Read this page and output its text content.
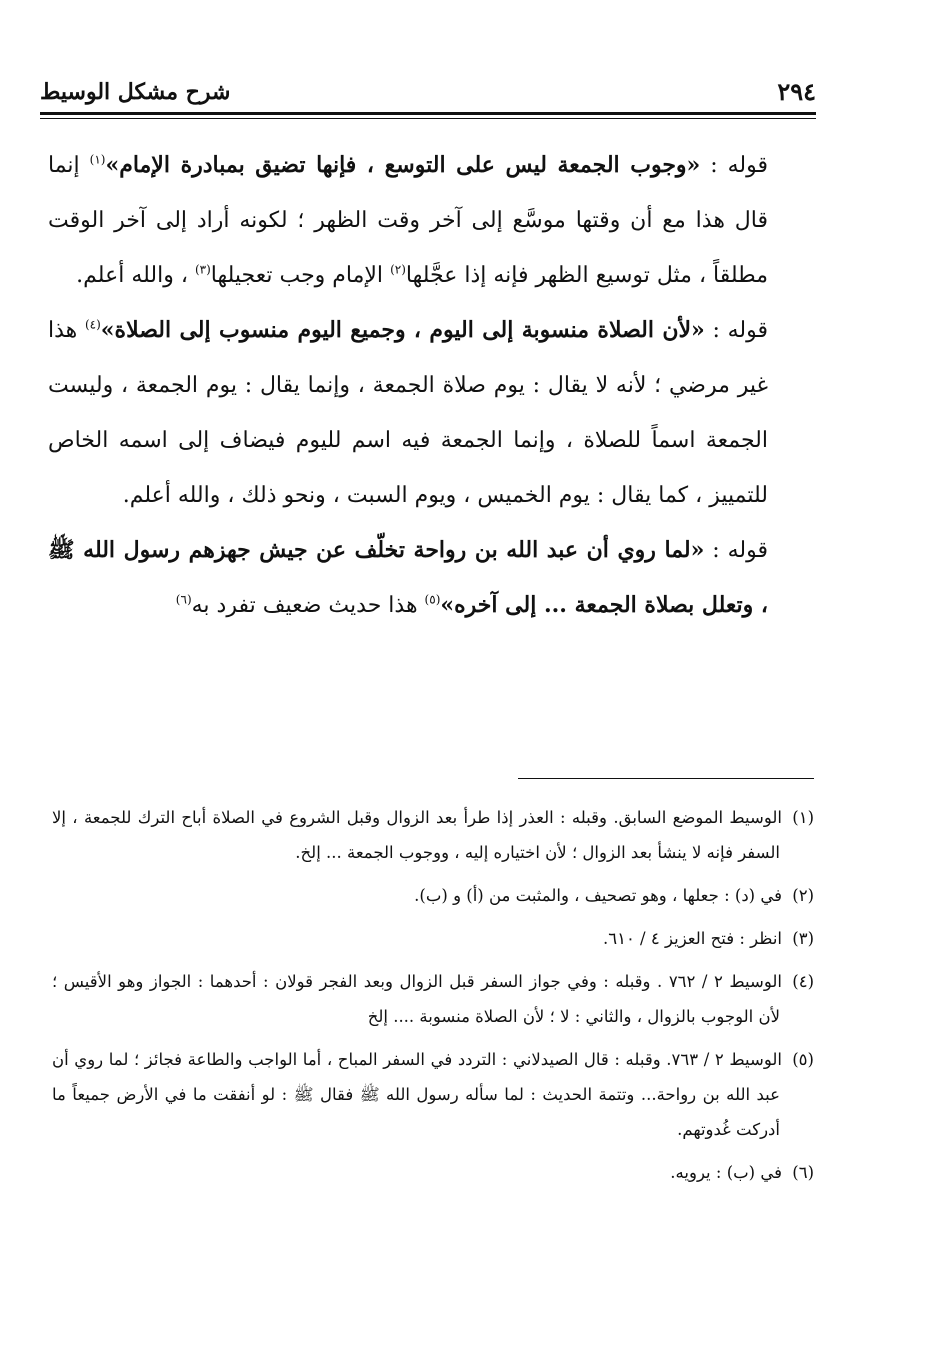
٢٩٤
شرح مشكل الوسيط

قوله : «وجوب الجمعة ليس على التوسع ، فإنها تضيق بمبادرة الإمام»$^{(١)}$ إنما قال هذا مع أن وقتها موسَّع إلى آخر وقت الظهر ؛ لكونه أراد إلى آخر الوقت مطلقاً ، مثل توسيع الظهر فإنه إذا عجَّلها$^{(٢)}$ الإمام وجب تعجيلها$^{(٣)}$ ، والله أعلم.

قوله : «لأن الصلاة منسوبة إلى اليوم ، وجميع اليوم منسوب إلى الصلاة»$^{(٤)}$ هذا غير مرضي ؛ لأنه لا يقال : يوم صلاة الجمعة ، وإنما يقال : يوم الجمعة ، وليست الجمعة اسماً للصلاة ، وإنما الجمعة فيه اسم لليوم فيضاف إلى اسمه الخاص للتمييز ، كما يقال : يوم الخميس ، ويوم السبت ، ونحو ذلك ، والله أعلم.

قوله : «لما روي أن عبد الله بن رواحة تخلّف عن جيش جهزهم رسول الله ﷺ ، وتعلل بصلاة الجمعة ... إلى آخره»$^{(٥)}$ هذا حديث ضعيف تفرد به$^{(٦)}$

(١)الوسيط الموضع السابق. وقبله : العذر إذا طرأ بعد الزوال وقبل الشروع في الصلاة أباح الترك للجمعة ، إلا السفر فإنه لا ينشأ بعد الزوال ؛ لأن اختياره إليه ، ووجوب الجمعة ... إلخ.

(٢)في (د) : جعلها ، وهو تصحيف ، والمثبت من (أ) و (ب).

(٣)انظر : فتح العزيز ٤ / ٦١٠.

(٤)الوسيط ٢ / ٧٦٢ . وقبله : وفي جواز السفر قبل الزوال وبعد الفجر قولان : أحدهما : الجواز وهو الأقيس ؛ لأن الوجوب بالزوال ، والثاني : لا ؛ لأن الصلاة منسوبة .... إلخ

(٥)الوسيط ٢ / ٧٦٣. وقبله : قال الصيدلاني : التردد في السفر المباح ، أما الواجب والطاعة فجائز ؛ لما روي أن عبد الله بن رواحة... وتتمة الحديث : لما سأله رسول الله ﷺ فقال ﷺ : لو أنفقت ما في الأرض جميعاً ما أدركت غُدوتهم.

(٦)في (ب) : يرويه.
